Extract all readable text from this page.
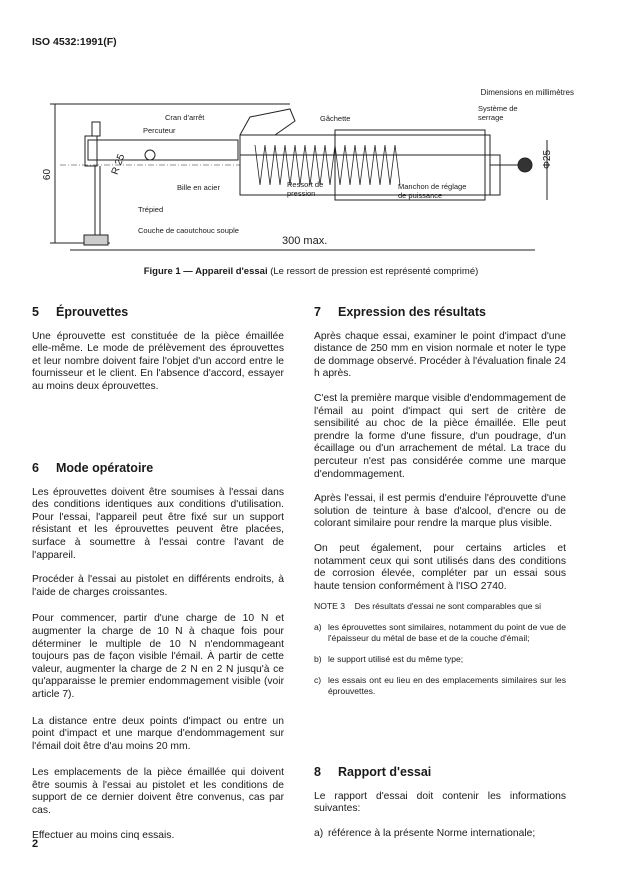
ISO 4532:1991(F)
Dimensions en millimètres
Cran d'arrêt
Percuteur
Gâchette
Système de serrage
Bille en acier	Ressort de pression
Manchon de réglage de puissance
Trépied
Couche de caoutchouc souple
60	R 25	Φ25
300 max.
Figure 1 — Appareil d'essai (Le ressort de pression est représenté comprimé)
5 Éprouvettes

Une éprouvette est constituée de la pièce émaillée elle-même. Le mode de prélèvement des éprouvettes et leur nombre doivent faire l'objet d'un accord entre le fournisseur et le client. En l'absence d'accord, essayer au moins deux éprouvettes.

6 Mode opératoire

Les éprouvettes doivent être soumises à l'essai dans des conditions identiques aux conditions d'utilisation. Pour l'essai, l'appareil peut être fixé sur un support résistant et les éprouvettes peuvent être placées, surface à soumettre à l'essai contre l'avant de l'appareil.

Procéder à l'essai au pistolet en différents endroits, à l'aide de charges croissantes.

Pour commencer, partir d'une charge de 10 N et augmenter la charge de 10 N à chaque fois pour déterminer le multiple de 10 N n'endommageant toujours pas de façon visible l'émail. À partir de cette valeur, augmenter la charge de 2 N en 2 N jusqu'à ce qu'apparaisse le premier endommagement visible (voir article 7).

La distance entre deux points d'impact ou entre un point d'impact et une marque d'endommagement sur l'émail doit être d'au moins 20 mm.

Les emplacements de la pièce émaillée qui doivent être soumis à l'essai au pistolet et les conditions de support de ce dernier doivent être convenus, cas par cas.

Effectuer au moins cinq essais.

7 Expression des résultats

Après chaque essai, examiner le point d'impact d'une distance de 250 mm en vision normale et noter le type de dommage observé. Procéder à l'évaluation finale 24 h après.

C'est la première marque visible d'endommagement de l'émail au point d'impact qui sert de critère de sensibilité au choc de la pièce émaillée. Elle peut prendre la forme d'une fissure, d'un poudrage, d'un écaillage ou d'un arrachement de métal. La trace du percuteur n'est pas considérée comme une marque d'endommagement.

Après l'essai, il est permis d'enduire l'éprouvette d'une solution de teinture à base d'alcool, d'encre ou de colorant similaire pour rendre la marque plus visible.

On peut également, pour certains articles et notamment ceux qui sont utilisés dans des conditions de corrosion élevée, compléter par un essai sous haute tension conformément à l'ISO 2740.

NOTE 3    Des résultats d'essai ne sont comparables que si

a) les éprouvettes sont similaires, notamment du point de vue de l'épaisseur du métal de base et de la couche d'émail;
b) le support utilisé est du même type;
c) les essais ont eu lieu en des emplacements similaires sur les éprouvettes.
8 Rapport d'essai

Le rapport d'essai doit contenir les informations suivantes:

a) référence à la présente Norme internationale;
2
